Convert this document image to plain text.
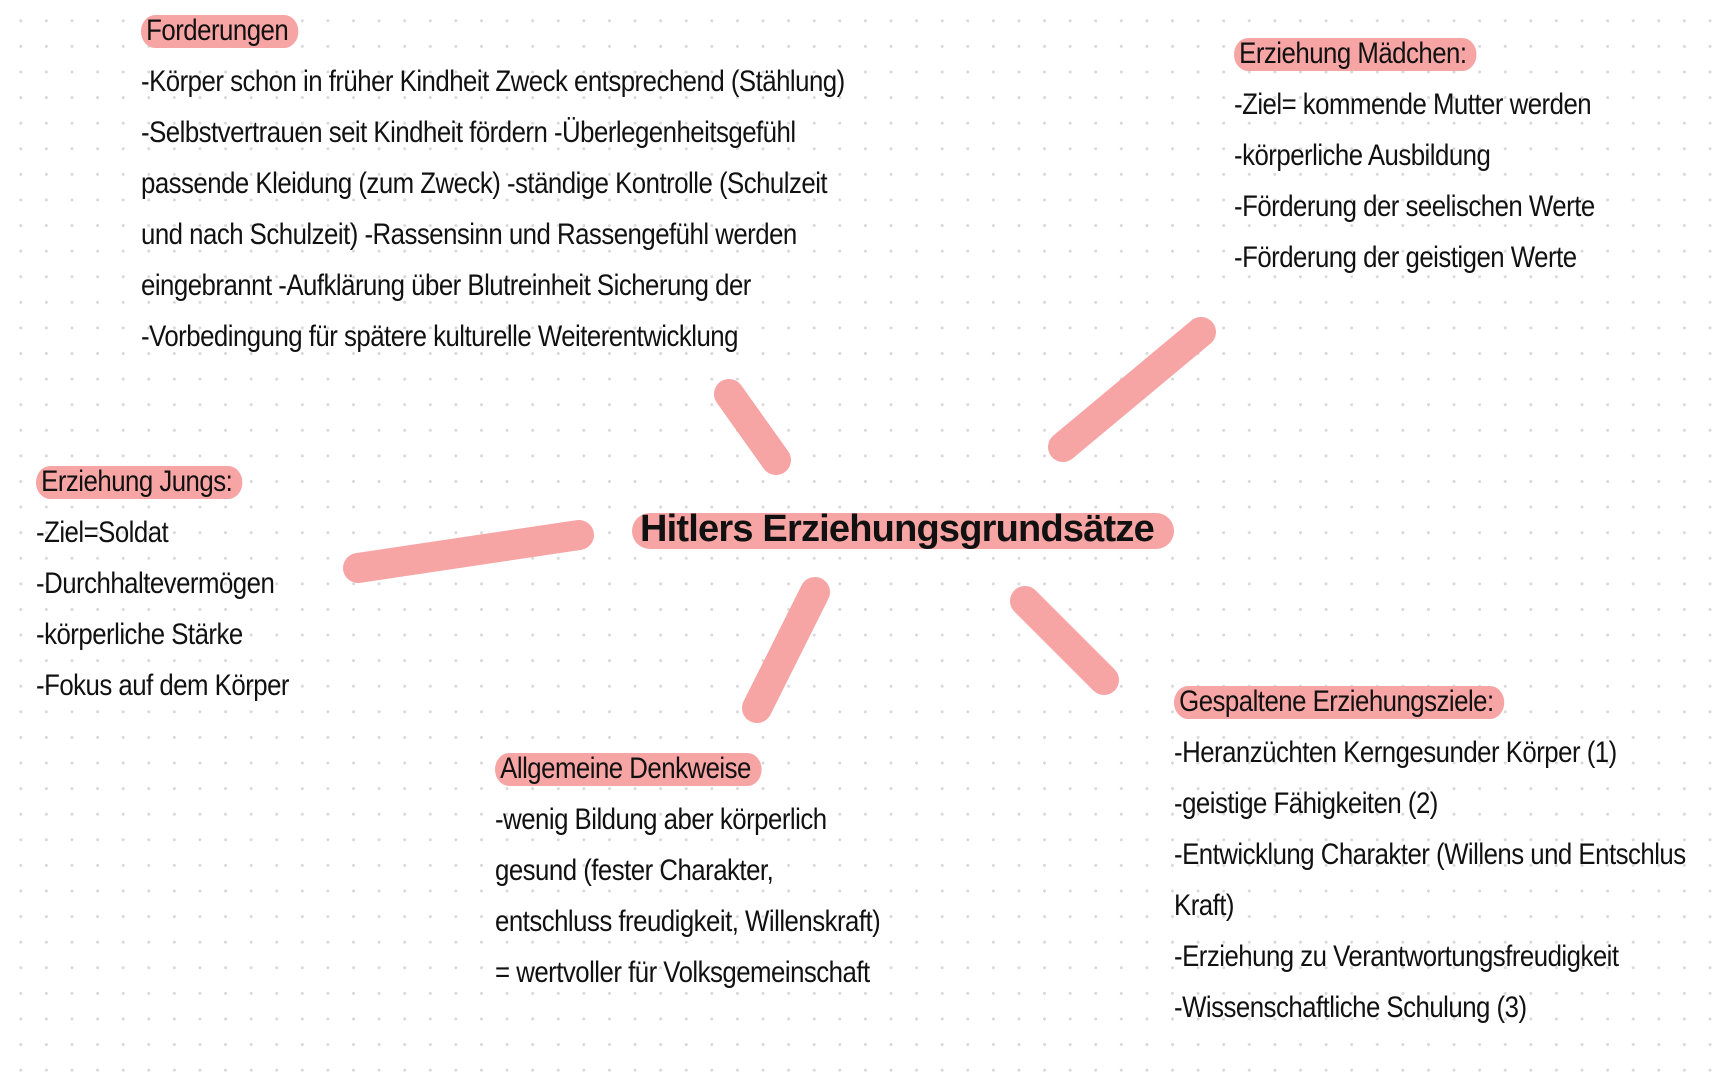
Hitlers Erziehungsgrundsätze
Forderungen
-Körper schon in früher Kindheit Zweck entsprechend (Stählung)
-Selbstvertrauen seit Kindheit fördern -Überlegenheitsgefühl
passende Kleidung (zum Zweck) -ständige Kontrolle (Schulzeit
und nach Schulzeit) -Rassensinn und Rassengefühl werden
eingebrannt -Aufklärung über Blutreinheit Sicherung der
-Vorbedingung für spätere kulturelle Weiterentwicklung
Erziehung Mädchen:
-Ziel= kommende Mutter werden
-körperliche Ausbildung
-Förderung der seelischen Werte
-Förderung der geistigen Werte
Erziehung Jungs:
-Ziel=Soldat
-Durchhaltevermögen
-körperliche Stärke
-Fokus auf dem Körper
Allgemeine Denkweise
-wenig Bildung aber körperlich
gesund (fester Charakter,
entschluss freudigkeit, Willenskraft)
= wertvoller für Volksgemeinschaft
Gespaltene Erziehungsziele:
-Heranzüchten Kerngesunder Körper (1)
-geistige Fähigkeiten (2)
-Entwicklung Charakter (Willens und Entschlus
Kraft)
-Erziehung zu Verantwortungsfreudigkeit
-Wissenschaftliche Schulung (3)
